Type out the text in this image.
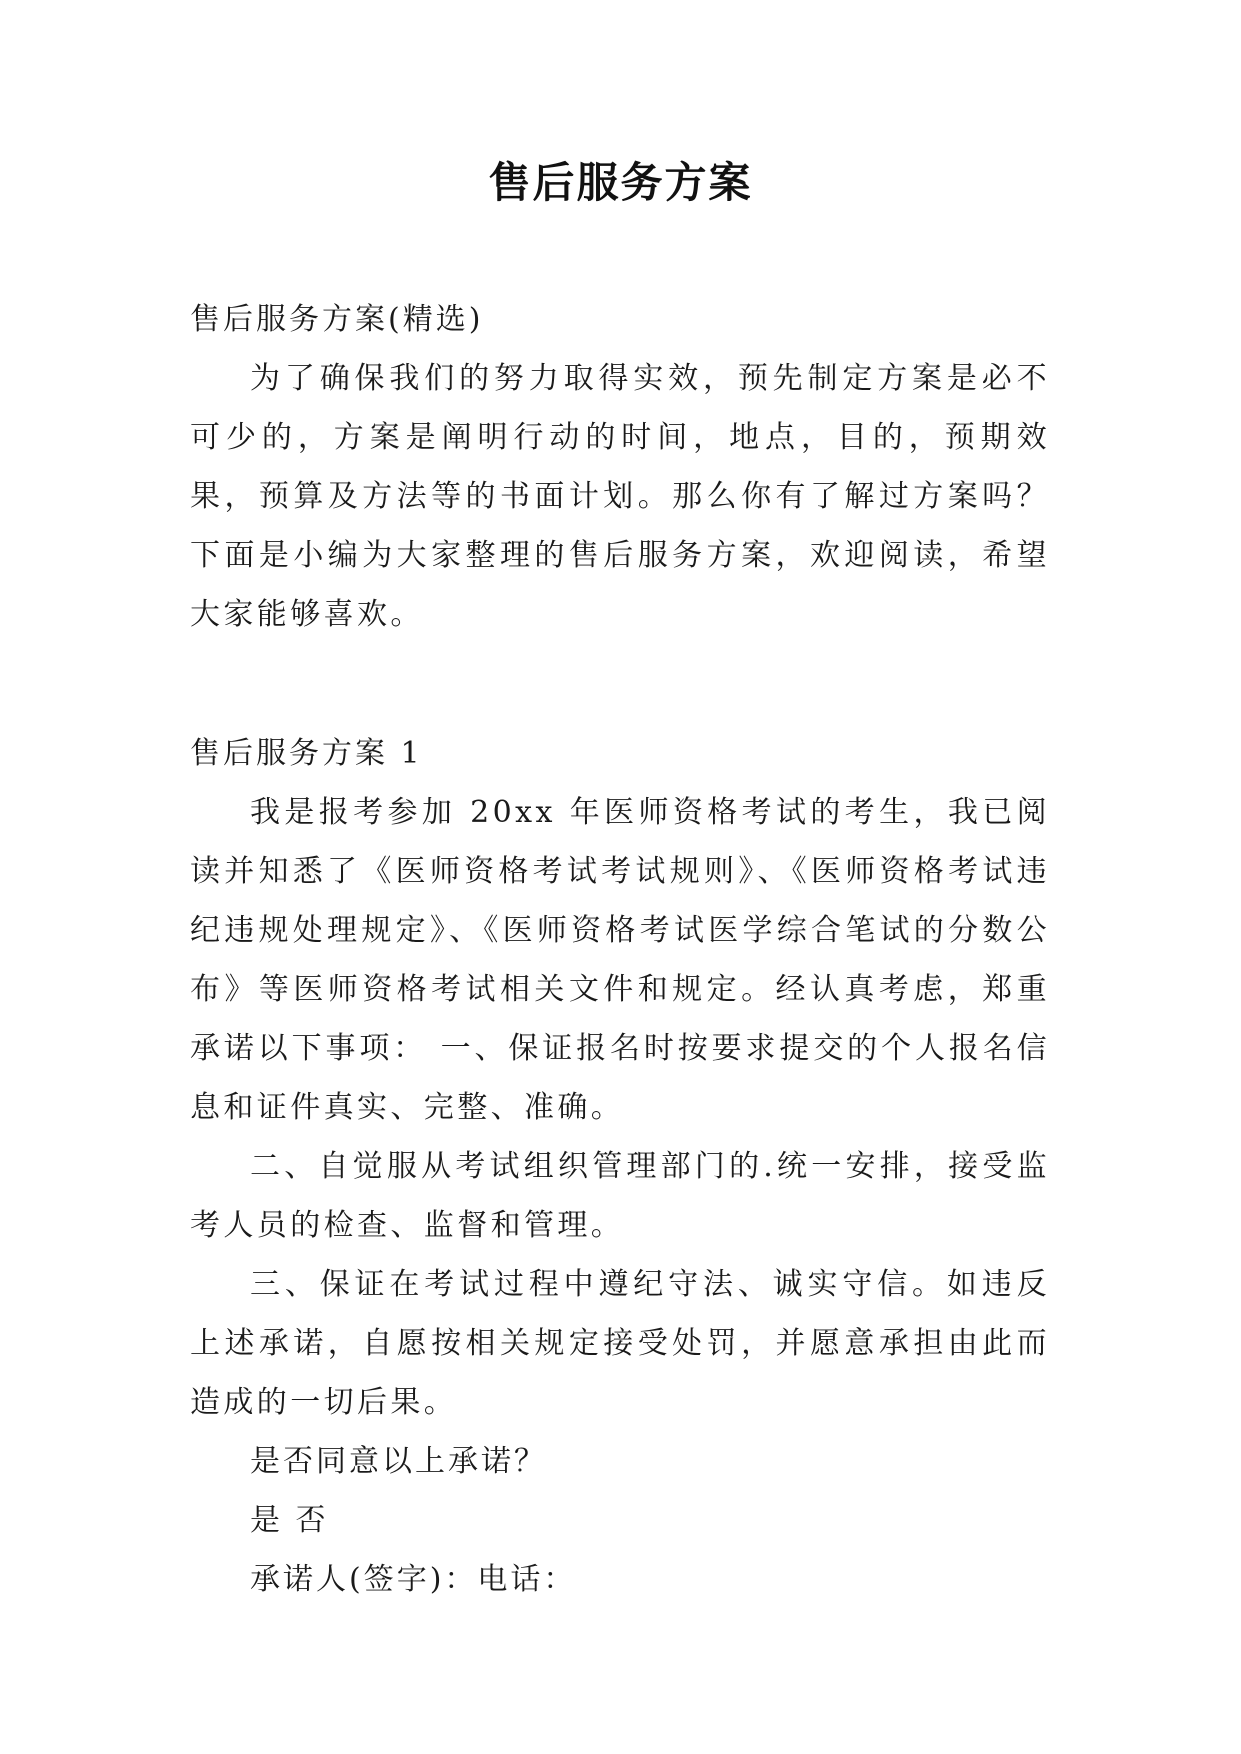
售后服务方案
售后服务方案(精选)
为了确保我们的努力取得实效，预先制定方案是必不可少的，方案是阐明行动的时间，地点，目的，预期效果，预算及方法等的书面计划。那么你有了解过方案吗？下面是小编为大家整理的售后服务方案，欢迎阅读，希望大家能够喜欢。
售后服务方案 1
我是报考参加 20xx 年医师资格考试的考生，我已阅读并知悉了《医师资格考试考试规则》、《医师资格考试违纪违规处理规定》、《医师资格考试医学综合笔试的分数公布》等医师资格考试相关文件和规定。经认真考虑，郑重承诺以下事项： 一、保证报名时按要求提交的个人报名信息和证件真实、完整、准确。
二、自觉服从考试组织管理部门的.统一安排，接受监考人员的检查、监督和管理。
三、保证在考试过程中遵纪守法、诚实守信。如违反上述承诺，自愿按相关规定接受处罚，并愿意承担由此而造成的一切后果。
是否同意以上承诺？
是 否
承诺人(签字)：电话：
